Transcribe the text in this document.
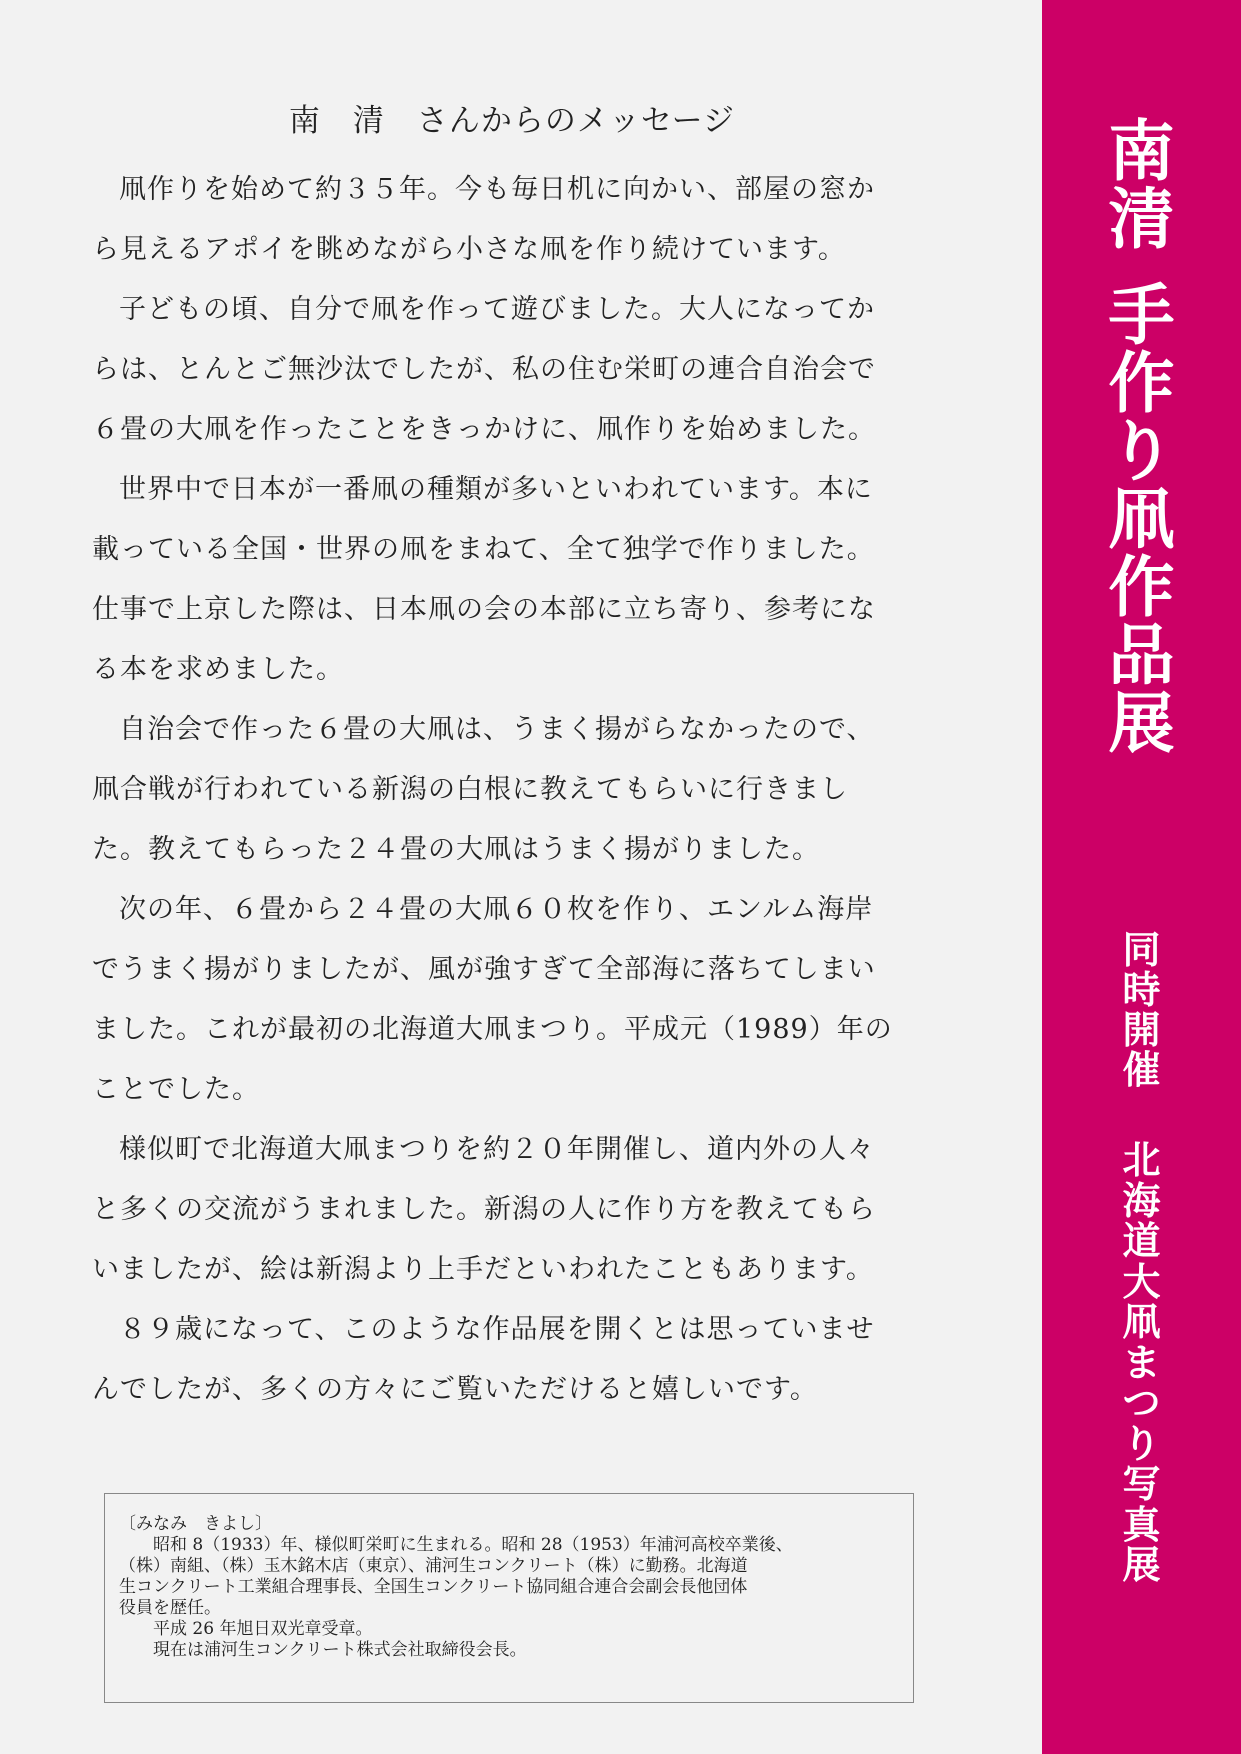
南　清　さんからのメッセージ

凧作りを始めて約３５年。今も毎日机に向かい、部屋の窓か

ら見えるアポイを眺めながら小さな凧を作り続けています。

子どもの頃、自分で凧を作って遊びました。大人になってか

らは、とんとご無沙汰でしたが、私の住む栄町の連合自治会で

６畳の大凧を作ったことをきっかけに、凧作りを始めました。

世界中で日本が一番凧の種類が多いといわれています。本に

載っている全国・世界の凧をまねて、全て独学で作りました。

仕事で上京した際は、日本凧の会の本部に立ち寄り、参考にな

る本を求めました。

自治会で作った６畳の大凧は、うまく揚がらなかったので、

凧合戦が行われている新潟の白根に教えてもらいに行きまし

た。教えてもらった２４畳の大凧はうまく揚がりました。

次の年、６畳から２４畳の大凧６０枚を作り、エンルム海岸

でうまく揚がりましたが、風が強すぎて全部海に落ちてしまい

ました。これが最初の北海道大凧まつり。平成元（1989）年の

ことでした。

様似町で北海道大凧まつりを約２０年開催し、道内外の人々

と多くの交流がうまれました。新潟の人に作り方を教えてもら

いましたが、絵は新潟より上手だといわれたこともあります。

８９歳になって、このような作品展を開くとは思っていませ

んでしたが、多くの方々にご覧いただけると嬉しいです。

〔みなみ　きよし〕

昭和 8（1933）年、様似町栄町に生まれる。昭和 28（1953）年浦河高校卒業後、

（株）南組、（株）玉木銘木店（東京）、浦河生コンクリート（株）に勤務。北海道

生コンクリート工業組合理事長、全国生コンクリート協同組合連合会副会長他団体

役員を歴任。

平成 26 年旭日双光章受章。

現在は浦河生コンクリート株式会社取締役会長。

南
清
手
作
り
凧
作
品
展
同
時
開
催
北
海
道
大
凧
ま
つ
り
写
真
展
